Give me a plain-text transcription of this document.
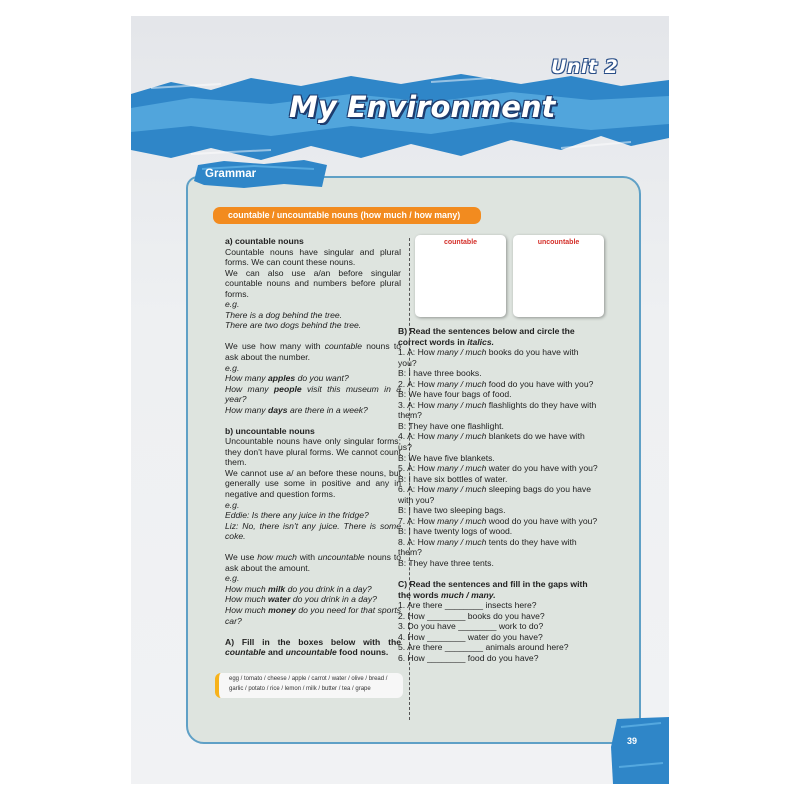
Unit 2
My Environment
Grammar
countable / uncountable nouns (how much / how many)

a) countable nouns

Countable nouns have singular and plural forms. We can count these nouns.

We can also use a/an before singular countable nouns and numbers before plural forms.

e.g.

There is a dog behind the tree.

There are two dogs behind the tree.

We use how many with countable nouns to ask about the number.

e.g.

How many apples do you want?

How many people visit this museum in a year?

How many days are there in a week?

b) uncountable nouns

Uncountable nouns have only singular forms; they don't have plural forms. We cannot count them.

We cannot use a/ an before these nouns, but generally use some in positive and any in negative and question forms.

e.g.

Eddie: Is there any juice in the fridge?

Liz: No, there isn't any juice. There is some coke.

We use how much with uncountable nouns to ask about the amount.

e.g.

How much milk do you drink in a day?

How much water do you drink in a day?

How much money do you need for that sports car?

A) Fill in the boxes below with the countable and uncountable food nouns.

egg / tomato / cheese / apple / carrot / water / olive / bread / garlic / potato / rice / lemon / milk / butter / tea / grape
countable	uncountable

B) Read the sentences below and circle the correct words in italics.

1. A: How many / much books do you have with you?

B: I have three books.

2. A: How many / much food do you have with you?

B: We have four bags of food.

3. A: How many / much flashlights do they have with them?

B: They have one flashlight.

4. A: How many / much blankets do we have with us?

B: We have five blankets.

5. A: How many / much water do you have with you?

B: I have six bottles of water.

6. A: How many / much sleeping bags do you have with you?

B: I have two sleeping bags.

7. A: How many / much wood do you have with you?

B: I have twenty logs of wood.

8. A: How many / much tents do they have with them?

B: They have three tents.

C) Read the sentences and fill in the gaps with the words much / many.

1. Are there ________ insects here?

2. How ________ books do you have?

3. Do you have ________ work to do?

4. How ________ water do you have?

5. Are there ________ animals around here?

6. How ________ food do you have?

39
